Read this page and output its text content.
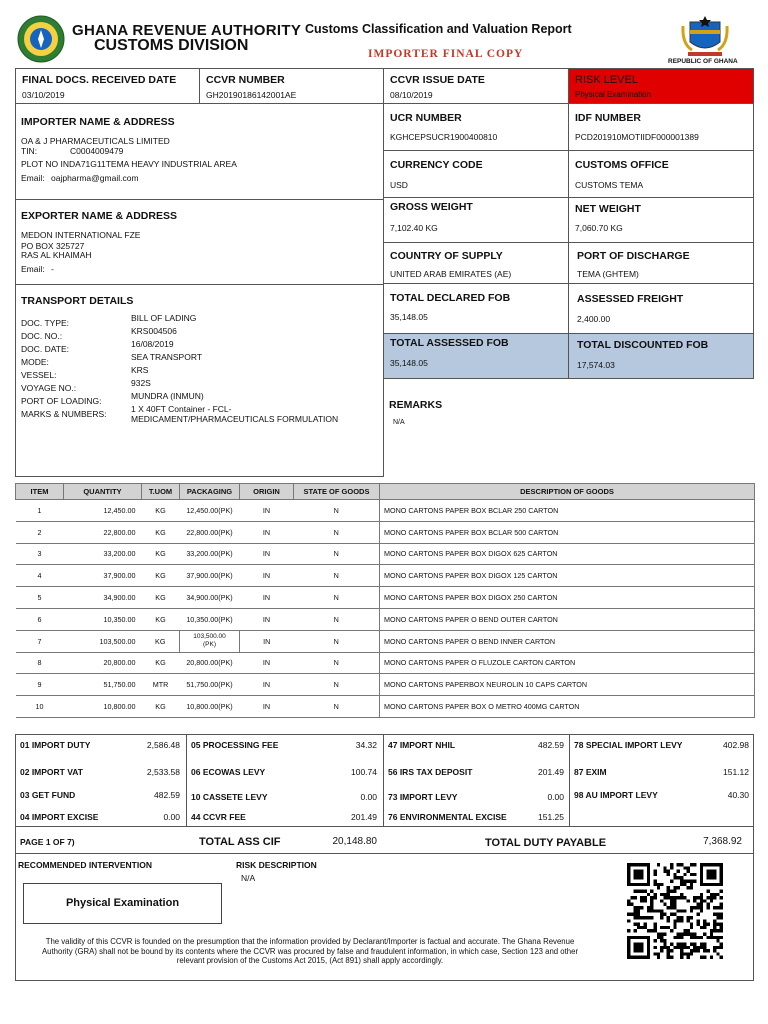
GHANA REVENUE AUTHORITY
CUSTOMS DIVISION
Customs Classification and Valuation Report
IMPORTER FINAL COPY
REPUBLIC OF GHANA
FINAL DOCS. RECEIVED DATE
03/10/2019
CCVR NUMBER
GH20190186142001AE
CCVR ISSUE DATE
08/10/2019
RISK LEVEL
Physical Examination
IMPORTER NAME & ADDRESS
OA & J PHARMACEUTICALS LIMITED
TIN:	C0004009479
PLOT NO INDA71G11TEMA HEAVY INDUSTRIAL AREA
Email: oajpharma@gmail.com
EXPORTER NAME & ADDRESS
MEDON INTERNATIONAL FZE
PO BOX 325727
RAS AL KHAIMAH
Email: -
TRANSPORT DETAILS
DOC. TYPE:	BILL OF LADING
DOC. NO.:	KRS004506
DOC. DATE:	16/08/2019
MODE:	SEA TRANSPORT
VESSEL:	KRS
VOYAGE NO.:	932S
PORT OF LOADING:	MUNDRA (INMUN)
MARKS & NUMBERS:	1 X 40FT Container - FCL-
MEDICAMENT/PHARMACEUTICALS FORMULATION
UCR NUMBER
KGHCEPSUCR1900400810
IDF NUMBER
PCD201910MOTIIDF000001389
CURRENCY CODE
USD
CUSTOMS OFFICE
CUSTOMS TEMA
GROSS WEIGHT
7,102.40 KG
NET WEIGHT
7,060.70 KG
COUNTRY OF SUPPLY
UNITED ARAB EMIRATES (AE)
PORT OF DISCHARGE
TEMA (GHTEM)
TOTAL DECLARED FOB
35,148.05
ASSESSED FREIGHT
2,400.00
TOTAL ASSESSED FOB
35,148.05
TOTAL DISCOUNTED FOB
17,574.03
REMARKS
N/A
ITEM	QUANTITY	T.UOM	PACKAGING	ORIGIN	STATE OF GOODS	DESCRIPTION OF GOODS
1	12,450.00	KG	12,450.00(PK)	IN	N	MONO CARTONS PAPER BOX BCLAR 250 CARTON
2	22,800.00	KG	22,800.00(PK)	IN	N	MONO CARTONS PAPER BOX BCLAR 500 CARTON
3	33,200.00	KG	33,200.00(PK)	IN	N	MONO CARTONS PAPER BOX DIGOX 625 CARTON
4	37,900.00	KG	37,900.00(PK)	IN	N	MONO CARTONS PAPER BOX DIGOX 125 CARTON
5	34,900.00	KG	34,900.00(PK)	IN	N	MONO CARTONS PAPER BOX DIGOX 250 CARTON
6	10,350.00	KG	10,350.00(PK)	IN	N	MONO CARTONS PAPER O BEND OUTER CARTON
7	103,500.00	KG	103,500.00 (PK)	IN	N	MONO CARTONS PAPER O BEND INNER CARTON
8	20,800.00	KG	20,800.00(PK)	IN	N	MONO CARTONS PAPER O FLUZOLE CARTON CARTON
9	51,750.00	MTR	51,750.00(PK)	IN	N	MONO CARTONS PAPERBOX NEUROLIN 10 CAPS CARTON
10	10,800.00	KG	10,800.00(PK)	IN	N	MONO CARTONS PAPER BOX O METRO 400MG CARTON
01 IMPORT DUTY	2,586.48 05 PROCESSING FEE	34.32 47 IMPORT NHIL	482.59 78 SPECIAL IMPORT LEVY	402.98
02 IMPORT VAT	2,533.58 06 ECOWAS LEVY	100.74 56 IRS TAX DEPOSIT	201.49 87 EXIM	151.12
03 GET FUND	482.59 10 CASSETE LEVY	0.00 73 IMPORT LEVY	0.00 98 AU IMPORT LEVY	40.30
04 IMPORT EXCISE	0.00 44 CCVR FEE	201.49 76 ENVIRONMENTAL EXCISE	151.25
PAGE 1 OF 7)	TOTAL ASS CIF	20,148.80	TOTAL DUTY PAYABLE	7,368.92
RECOMMENDED INTERVENTION
Physical Examination
RISK DESCRIPTION
N/A
The validity of this CCVR is founded on the presumption that the information provided by Declarant/Importer is factual and accurate. The Ghana Revenue Authority (GRA) shall not be bound by its contents where the CCVR was procured by false and fraudulent information, in which case, Section 123 and other relevant provision of the Customs Act 2015, (Act 891) shall apply accordingly.
